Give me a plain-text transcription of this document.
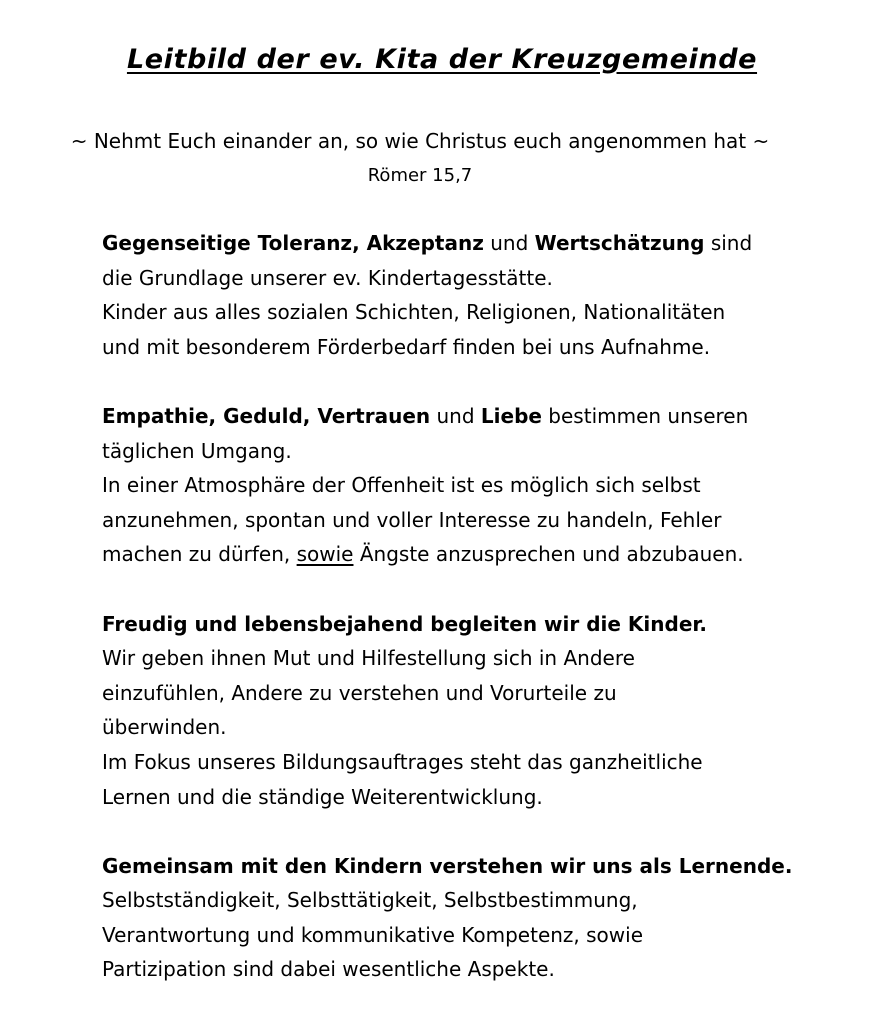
Leitbild der ev. Kita der Kreuzgemeinde
~ Nehmt Euch einander an, so wie Christus euch angenommen hat ~
Römer 15,7
Gegenseitige Toleranz, Akzeptanz und Wertschätzung sind
die Grundlage unserer ev. Kindertagesstätte.
Kinder aus alles sozialen Schichten, Religionen, Nationalitäten
und mit besonderem Förderbedarf finden bei uns Aufnahme.
Empathie, Geduld, Vertrauen und Liebe bestimmen unseren
täglichen Umgang.
In einer Atmosphäre der Offenheit ist es möglich sich selbst
anzunehmen, spontan und voller Interesse zu handeln, Fehler
machen zu dürfen, sowie Ängste anzusprechen und abzubauen.
Freudig und lebensbejahend begleiten wir die Kinder.
Wir geben ihnen Mut und Hilfestellung sich in Andere
einzufühlen, Andere zu verstehen und Vorurteile zu
überwinden.
Im Fokus unseres Bildungsauftrages steht das ganzheitliche
Lernen und die ständige Weiterentwicklung.
Gemeinsam mit den Kindern verstehen wir uns als Lernende.
Selbstständigkeit, Selbsttätigkeit, Selbstbestimmung,
Verantwortung und kommunikative Kompetenz, sowie
Partizipation sind dabei wesentliche Aspekte.
